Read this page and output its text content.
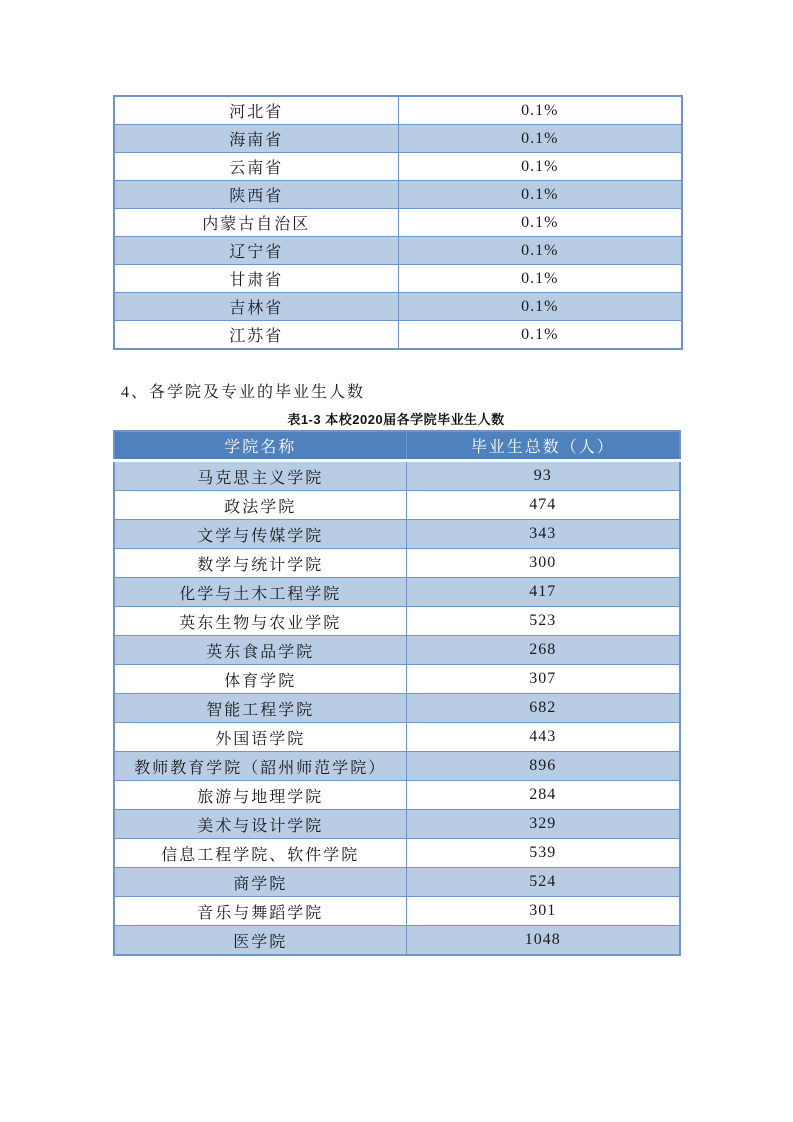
河北省	0.1%
海南省	0.1%
云南省	0.1%
陕西省	0.1%
内蒙古自治区	0.1%
辽宁省	0.1%
甘肃省	0.1%
吉林省	0.1%
江苏省	0.1%
4、各学院及专业的毕业生人数
表1-3 本校2020届各学院毕业生人数
学院名称	毕业生总数（人）
马克思主义学院	93
政法学院	474
文学与传媒学院	343
数学与统计学院	300
化学与土木工程学院	417
英东生物与农业学院	523
英东食品学院	268
体育学院	307
智能工程学院	682
外国语学院	443
教师教育学院（韶州师范学院）	896
旅游与地理学院	284
美术与设计学院	329
信息工程学院、软件学院	539
商学院	524
音乐与舞蹈学院	301
医学院	1048
